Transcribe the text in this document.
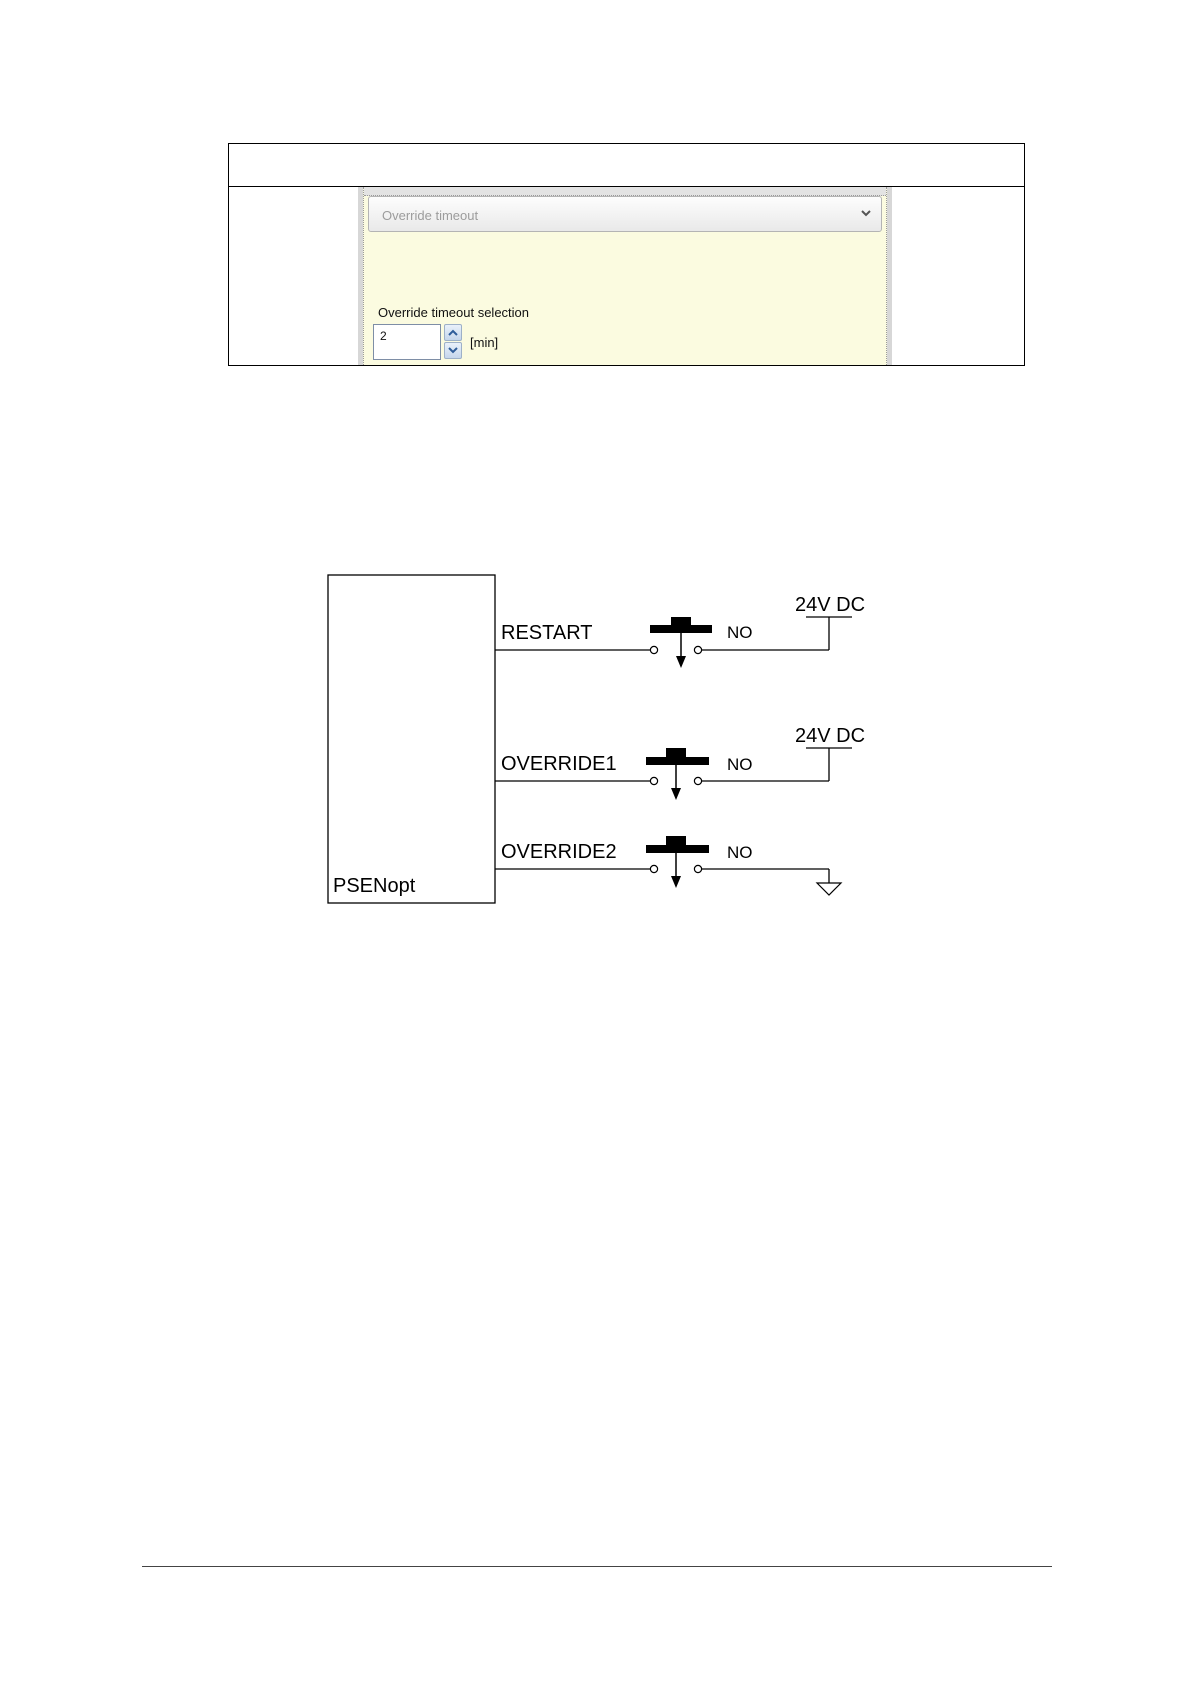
Override timeout
Override timeout selection
2	[min]
PSENopt
RESTART	NO
24V DC
OVERRIDE1	NO
24V DC
OVERRIDE2	NO
